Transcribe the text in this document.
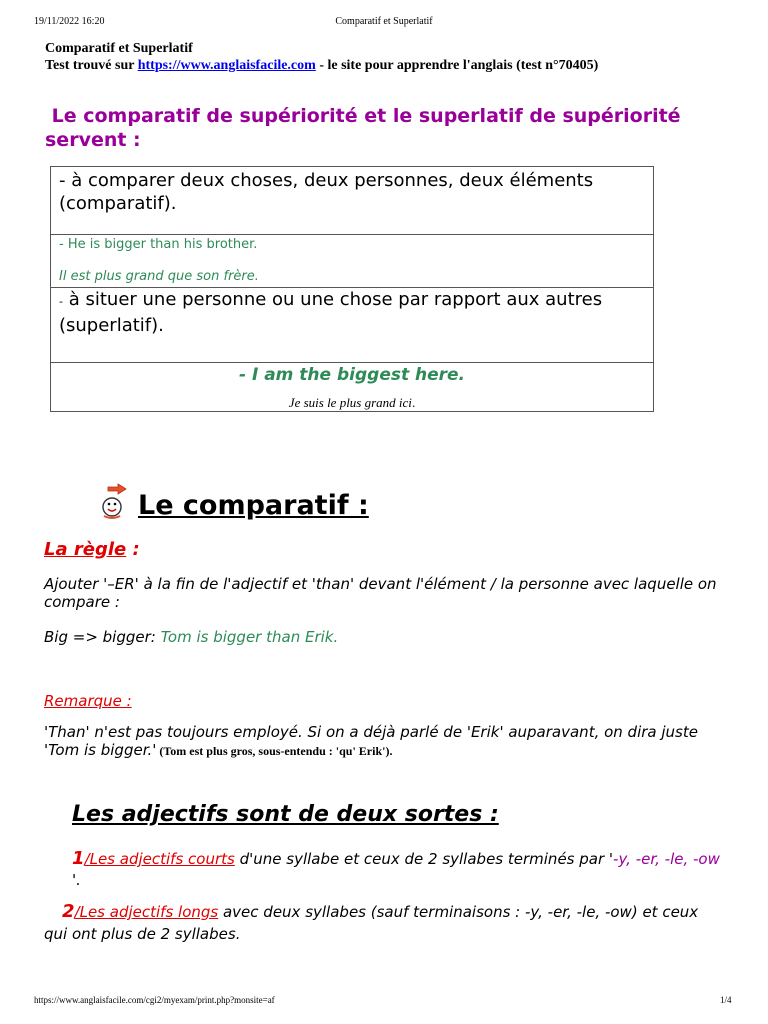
19/11/2022 16:20	Comparatif et Superlatif
Comparatif et Superlatif
Test trouvé sur https://www.anglaisfacile.com - le site pour apprendre l'anglais (test n°70405)
Le comparatif de supériorité et le superlatif de supériorité servent :
- à comparer deux choses, deux personnes, deux éléments (comparatif).

- He is bigger than his brother.
Il est plus grand que son frère.

- à situer une personne ou une chose par rapport aux autres (superlatif).

- I am the biggest here.
Je suis le plus grand ici.
Le comparatif :
La règle :
Ajouter '–ER' à la fin de l'adjectif et 'than' devant l'élément / la personne avec laquelle on compare :
Big => bigger: Tom is bigger than Erik.
Remarque :
'Than' n'est pas toujours employé. Si on a déjà parlé de 'Erik' auparavant, on dira juste 'Tom is bigger.' (Tom est plus gros, sous-entendu : 'qu' Erik').
Les adjectifs sont de deux sortes :
1/Les adjectifs courts d'une syllabe et ceux de 2 syllabes terminés par '-y, -er, -le, -ow '.
2/Les adjectifs longs avec deux syllabes (sauf terminaisons : -y, -er, -le, -ow) et ceux qui ont plus de 2 syllabes.
https://www.anglaisfacile.com/cgi2/myexam/print.php?monsite=af	1/4
